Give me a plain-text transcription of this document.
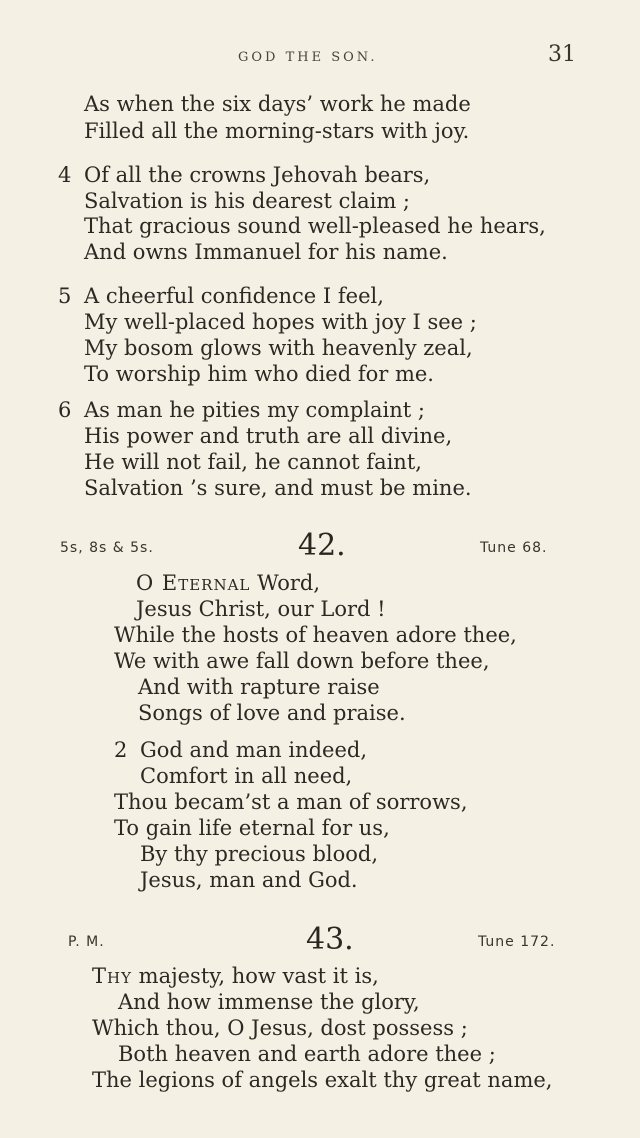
GOD THE SON.	31
As when the six days’ work he made
Filled all the morning-stars with joy.
4 Of all the crowns Jehovah bears,
Salvation is his dearest claim ;
That gracious sound well-pleased he hears,
And owns Immanuel for his name.
5 A cheerful confidence I feel,
My well-placed hopes with joy I see ;
My bosom glows with heavenly zeal,
To worship him who died for me.
6 As man he pities my complaint ;
His power and truth are all divine,
He will not fail, he cannot faint,
Salvation ’s sure, and must be mine.
5s, 8s & 5s.	42.	Tune 68.
O Eternal Word,
Jesus Christ, our Lord !
While the hosts of heaven adore thee,
We with awe fall down before thee,
And with rapture raise
Songs of love and praise.
2 God and man indeed,
Comfort in all need,
Thou becam’st a man of sorrows,
To gain life eternal for us,
By thy precious blood,
Jesus, man and God.
P. M.	43.	Tune 172.
Thy majesty, how vast it is,
And how immense the glory,
Which thou, O Jesus, dost possess ;
Both heaven and earth adore thee ;
The legions of angels exalt thy great name,
